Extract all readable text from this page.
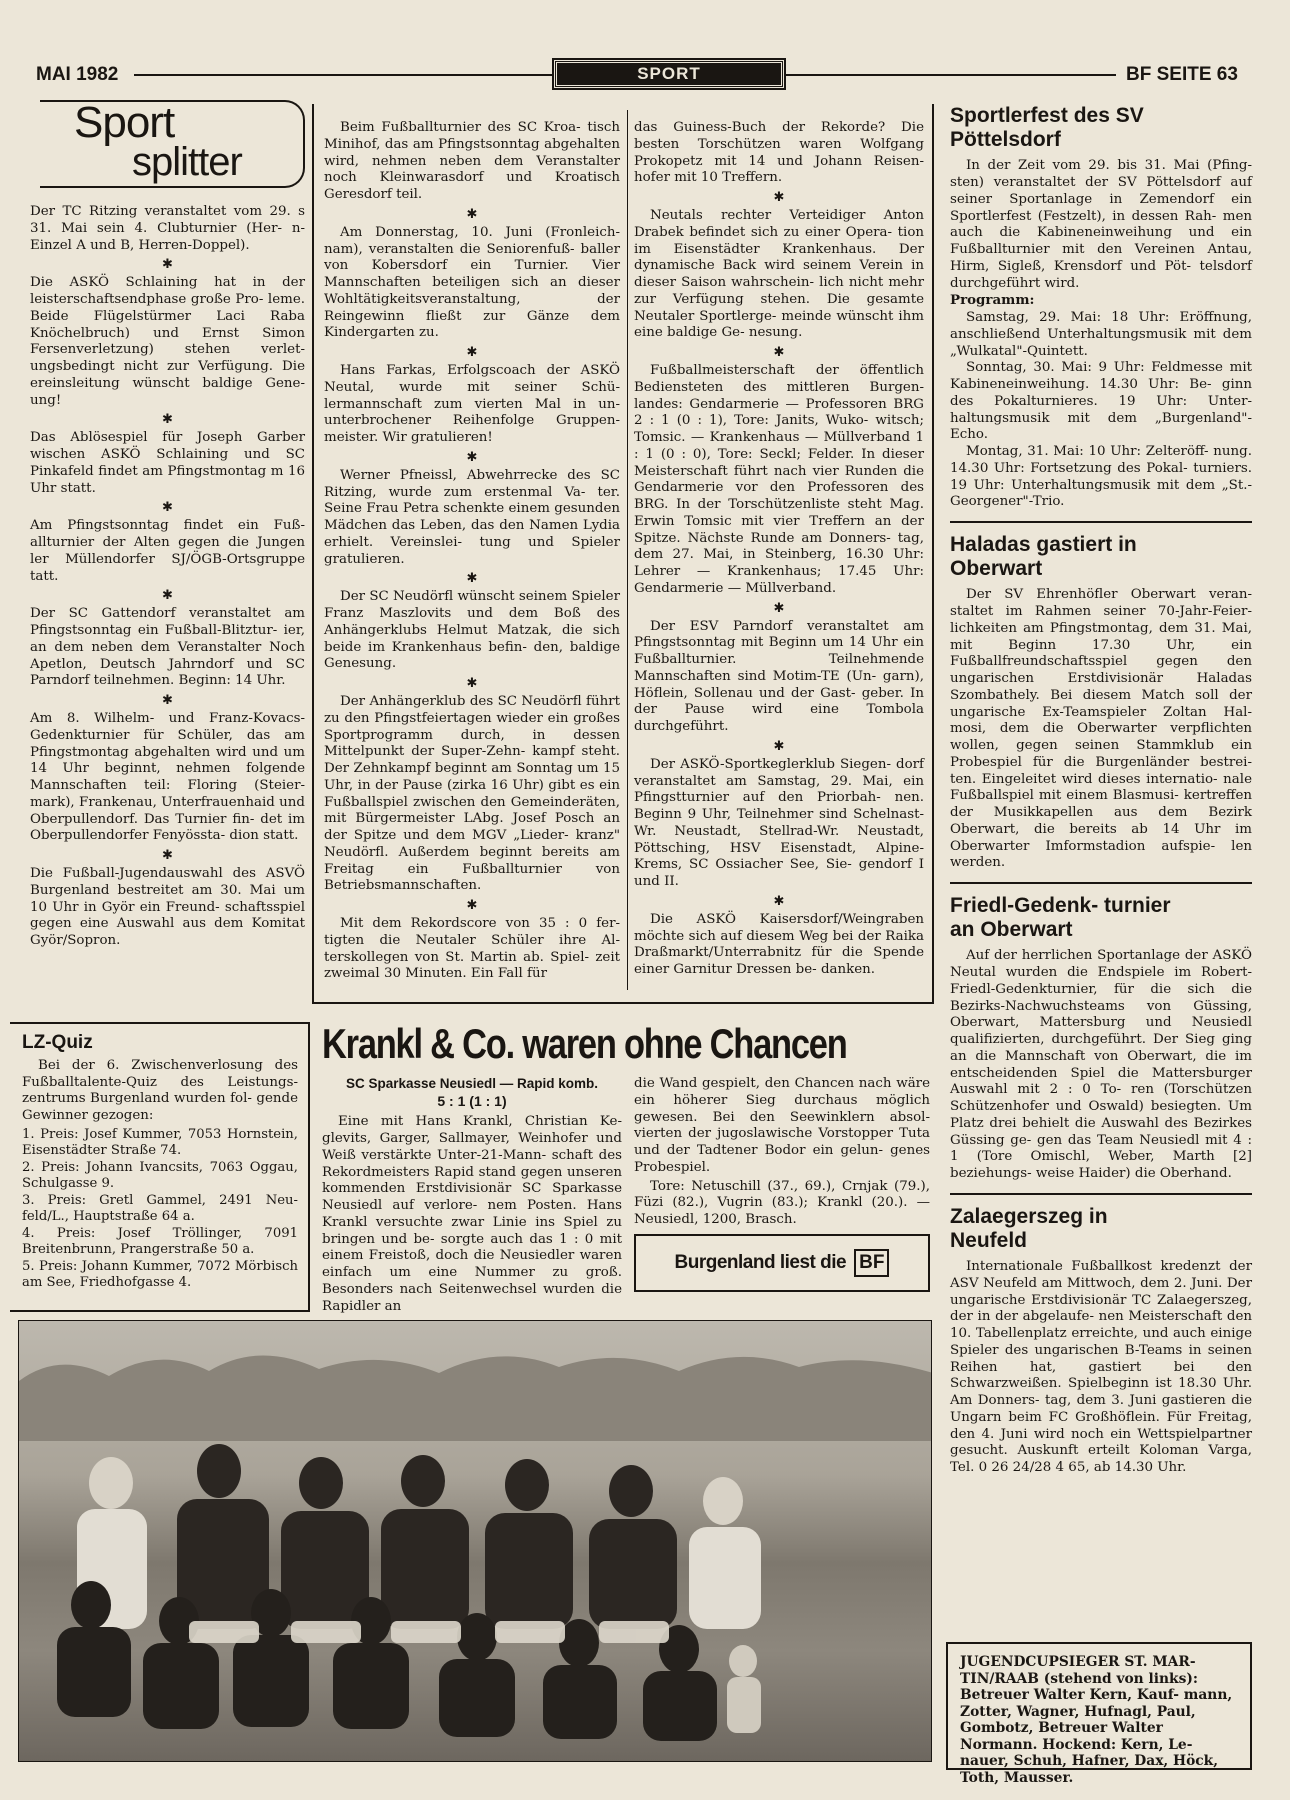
MAI 1982	SPORT	BF SEITE 63
Sport
splitter

Der TC Ritzing veranstaltet vom 29. s 31. Mai sein 4. Clubturnier (Her- n-Einzel A und B, Herren-Doppel).

✱

Die ASKÖ Schlaining hat in der leisterschaftsendphase große Pro- leme. Beide Flügelstürmer Laci Raba Knöchelbruch) und Ernst Simon Fersenverletzung) stehen verlet- ungsbedingt nicht zur Verfügung. Die ereinsleitung wünscht baldige Gene- ung!

✱

Das Ablösespiel für Joseph Garber wischen ASKÖ Schlaining und SC Pinkafeld findet am Pfingstmontag m 16 Uhr statt.

✱

Am Pfingstsonntag findet ein Fuß- allturnier der Alten gegen die Jungen ler Müllendorfer SJ/ÖGB-Ortsgruppe tatt.

✱

Der SC Gattendorf veranstaltet am Pfingstsonntag ein Fußball-Blitztur- ier, an dem neben dem Veranstalter Noch Apetlon, Deutsch Jahrndorf und SC Parndorf teilnehmen. Beginn: 14 Uhr.

✱

Am 8. Wilhelm- und Franz-Kovacs- Gedenkturnier für Schüler, das am Pfingstmontag abgehalten wird und um 14 Uhr beginnt, nehmen folgende Mannschaften teil: Floring (Steier- mark), Frankenau, Unterfrauenhaid und Oberpullendorf. Das Turnier fin- det im Oberpullendorfer Fenyössta- dion statt.

✱

Die Fußball-Jugendauswahl des ASVÖ Burgenland bestreitet am 30. Mai um 10 Uhr in Györ ein Freund- schaftsspiel gegen eine Auswahl aus dem Komitat Györ/Sopron.

Beim Fußballturnier des SC Kroa- tisch Minihof, das am Pfingstsonntag abgehalten wird, nehmen neben dem Veranstalter noch Kleinwarasdorf und Kroatisch Geresdorf teil.

✱

Am Donnerstag, 10. Juni (Fronleich- nam), veranstalten die Seniorenfuß- baller von Kobersdorf ein Turnier. Vier Mannschaften beteiligen sich an dieser Wohltätigkeitsveranstaltung, der Reingewinn fließt zur Gänze dem Kindergarten zu.

✱

Hans Farkas, Erfolgscoach der ASKÖ Neutal, wurde mit seiner Schü- lermannschaft zum vierten Mal in un- unterbrochener Reihenfolge Gruppen- meister. Wir gratulieren!

✱

Werner Pfneissl, Abwehrrecke des SC Ritzing, wurde zum erstenmal Va- ter. Seine Frau Petra schenkte einem gesunden Mädchen das Leben, das den Namen Lydia erhielt. Vereinslei- tung und Spieler gratulieren.

✱

Der SC Neudörfl wünscht seinem Spieler Franz Maszlovits und dem Boß des Anhängerklubs Helmut Matzak, die sich beide im Krankenhaus befin- den, baldige Genesung.

✱

Der Anhängerklub des SC Neudörfl führt zu den Pfingstfeiertagen wieder ein großes Sportprogramm durch, in dessen Mittelpunkt der Super-Zehn- kampf steht. Der Zehnkampf beginnt am Sonntag um 15 Uhr, in der Pause (zirka 16 Uhr) gibt es ein Fußballspiel zwischen den Gemeinderäten, mit Bürgermeister LAbg. Josef Posch an der Spitze und dem MGV „Lieder- kranz" Neudörfl. Außerdem beginnt bereits am Freitag ein Fußballturnier von Betriebsmannschaften.

✱

Mit dem Rekordscore von 35 : 0 fer- tigten die Neutaler Schüler ihre Al- terskollegen von St. Martin ab. Spiel- zeit zweimal 30 Minuten. Ein Fall für

das Guiness-Buch der Rekorde? Die besten Torschützen waren Wolfgang Prokopetz mit 14 und Johann Reisen- hofer mit 10 Treffern.

✱

Neutals rechter Verteidiger Anton Drabek befindet sich zu einer Opera- tion im Eisenstädter Krankenhaus. Der dynamische Back wird seinem Verein in dieser Saison wahrschein- lich nicht mehr zur Verfügung stehen. Die gesamte Neutaler Sportlerge- meinde wünscht ihm eine baldige Ge- nesung.

✱

Fußballmeisterschaft der öffentlich Bediensteten des mittleren Burgen- landes: Gendarmerie — Professoren BRG 2 : 1 (0 : 1), Tore: Janits, Wuko- witsch; Tomsic. — Krankenhaus — Müllverband 1 : 1 (0 : 0), Tore: Seckl; Felder. In dieser Meisterschaft führt nach vier Runden die Gendarmerie vor den Professoren des BRG. In der Torschützenliste steht Mag. Erwin Tomsic mit vier Treffern an der Spitze. Nächste Runde am Donners- tag, dem 27. Mai, in Steinberg, 16.30 Uhr: Lehrer — Krankenhaus; 17.45 Uhr: Gendarmerie — Müllverband.

✱

Der ESV Parndorf veranstaltet am Pfingstsonntag mit Beginn um 14 Uhr ein Fußballturnier. Teilnehmende Mannschaften sind Motim-TE (Un- garn), Höflein, Sollenau und der Gast- geber. In der Pause wird eine Tombola durchgeführt.

✱

Der ASKÖ-Sportkeglerklub Siegen- dorf veranstaltet am Samstag, 29. Mai, ein Pfingstturnier auf den Priorbah- nen. Beginn 9 Uhr, Teilnehmer sind Schelnast-Wr. Neustadt, Stellrad-Wr. Neustadt, Pöttsching, HSV Eisenstadt, Alpine-Krems, SC Ossiacher See, Sie- gendorf I und II.

✱

Die ASKÖ Kaisersdorf/Weingraben möchte sich auf diesem Weg bei der Raika Draßmarkt/Unterrabnitz für die Spende einer Garnitur Dressen be- danken.

Sportlerfest des SV Pöttelsdorf

In der Zeit vom 29. bis 31. Mai (Pfing- sten) veranstaltet der SV Pöttelsdorf auf seiner Sportanlage in Zemendorf ein Sportlerfest (Festzelt), in dessen Rah- men auch die Kabineneinweihung und ein Fußballturnier mit den Vereinen Antau, Hirm, Sigleß, Krensdorf und Pöt- telsdorf durchgeführt wird.

Programm:

Samstag, 29. Mai: 18 Uhr: Eröffnung, anschließend Unterhaltungsmusik mit dem „Wulkatal"-Quintett.

Sonntag, 30. Mai: 9 Uhr: Feldmesse mit Kabineneinweihung. 14.30 Uhr: Be- ginn des Pokalturnieres. 19 Uhr: Unter- haltungsmusik mit dem „Burgenland"- Echo.

Montag, 31. Mai: 10 Uhr: Zelteröff- nung. 14.30 Uhr: Fortsetzung des Pokal- turniers. 19 Uhr: Unterhaltungsmusik mit dem „St.-Georgener"-Trio.

Haladas gastiert in Oberwart

Der SV Ehrenhöfler Oberwart veran- staltet im Rahmen seiner 70-Jahr-Feier- lichkeiten am Pfingstmontag, dem 31. Mai, mit Beginn 17.30 Uhr, ein Fußballfreundschaftsspiel gegen den ungarischen Erstdivisionär Haladas Szombathely. Bei diesem Match soll der ungarische Ex-Teamspieler Zoltan Hal- mosi, dem die Oberwarter verpflichten wollen, gegen seinen Stammklub ein Probespiel für die Burgenländer bestrei- ten. Eingeleitet wird dieses internatio- nale Fußballspiel mit einem Blasmusi- kertreffen der Musikkapellen aus dem Bezirk Oberwart, die bereits ab 14 Uhr im Oberwarter Imformstadion aufspie- len werden.

Friedl-Gedenk- turnier an Oberwart

Auf der herrlichen Sportanlage der ASKÖ Neutal wurden die Endspiele im Robert-Friedl-Gedenkturnier, für die sich die Bezirks-Nachwuchsteams von Güssing, Oberwart, Mattersburg und Neusiedl qualifizierten, durchgeführt. Der Sieg ging an die Mannschaft von Oberwart, die im entscheidenden Spiel die Mattersburger Auswahl mit 2 : 0 To- ren (Torschützen Schützenhofer und Oswald) besiegten. Um Platz drei behielt die Auswahl des Bezirkes Güssing ge- gen das Team Neusiedl mit 4 : 1 (Tore Omischl, Weber, Marth [2] beziehungs- weise Haider) die Oberhand.

Zalaegerszeg in Neufeld

Internationale Fußballkost kredenzt der ASV Neufeld am Mittwoch, dem 2. Juni. Der ungarische Erstdivisionär TC Zalaegerszeg, der in der abgelaufe- nen Meisterschaft den 10. Tabellenplatz erreichte, und auch einige Spieler des ungarischen B-Teams in seinen Reihen hat, gastiert bei den Schwarzweißen. Spielbeginn ist 18.30 Uhr. Am Donners- tag, dem 3. Juni gastieren die Ungarn beim FC Großhöflein. Für Freitag, den 4. Juni wird noch ein Wettspielpartner gesucht. Auskunft erteilt Koloman Varga, Tel. 0 26 24/28 4 65, ab 14.30 Uhr.

LZ-Quiz

Bei der 6. Zwischenverlosung des Fußballtalente-Quiz des Leistungs- zentrums Burgenland wurden fol- gende Gewinner gezogen:

1. Preis: Josef Kummer, 7053 Hornstein, Eisenstädter Straße 74.

2. Preis: Johann Ivancsits, 7063 Oggau, Schulgasse 9.

3. Preis: Gretl Gammel, 2491 Neu- feld/L., Hauptstraße 64 a.

4. Preis: Josef Tröllinger, 7091 Breitenbrunn, Prangerstraße 50 a.

5. Preis: Johann Kummer, 7072 Mörbisch am See, Friedhofgasse 4.

Krankl & Co. waren ohne Chancen

SC Sparkasse Neusiedl — Rapid komb.

5 : 1 (1 : 1)

Eine mit Hans Krankl, Christian Ke- glevits, Garger, Sallmayer, Weinhofer und Weiß verstärkte Unter-21-Mann- schaft des Rekordmeisters Rapid stand gegen unseren kommenden Erstdivisionär SC Sparkasse Neusiedl auf verlore- nem Posten. Hans Krankl versuchte zwar Linie ins Spiel zu bringen und be- sorgte auch das 1 : 0 mit einem Freistoß, doch die Neusiedler waren einfach um eine Nummer zu groß. Besonders nach Seitenwechsel wurden die Rapidler an

die Wand gespielt, den Chancen nach wäre ein höherer Sieg durchaus möglich gewesen. Bei den Seewinklern absol- vierten der jugoslawische Vorstopper Tuta und der Tadtener Bodor ein gelun- genes Probespiel.

Tore: Netuschill (37., 69.), Crnjak (79.), Füzi (82.), Vugrin (83.); Krankl (20.). — Neusiedl, 1200, Brasch.

Burgenland liest die BF

JUGENDCUPSIEGER ST. MAR- TIN/RAAB (stehend von links): Betreuer Walter Kern, Kauf- mann, Zotter, Wagner, Hufnagl, Paul, Gombotz, Betreuer Walter Normann. Hockend: Kern, Le- nauer, Schuh, Hafner, Dax, Höck, Toth, Mausser.
